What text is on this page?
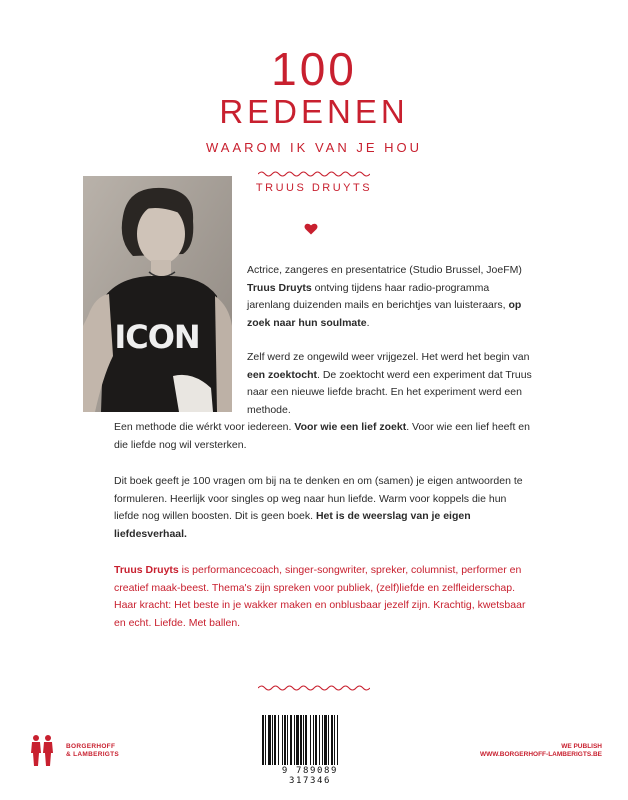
100
REDENEN
WAAROM IK VAN JE HOU
TRUUS DRUYTS
ICON
Actrice, zangeres en presentatrice (Studio Brussel, JoeFM) Truus Druyts ontving tijdens haar radio-programma jarenlang duizenden mails en berichtjes van luisteraars, op zoek naar hun soulmate.
Zelf werd ze ongewild weer vrijgezel. Het werd het begin van een zoektocht. De zoektocht werd een experiment dat Truus naar een nieuwe liefde bracht. En het experiment werd een methode.
Een methode die wérkt voor iedereen. Voor wie een lief zoekt. Voor wie een lief heeft en die liefde nog wil versterken.
Dit boek geeft je 100 vragen om bij na te denken en om (samen) je eigen antwoorden te formuleren. Heerlijk voor singles op weg naar hun liefde. Warm voor koppels die hun liefde nog willen boosten. Dit is geen boek. Het is de weerslag van je eigen liefdesverhaal.
Truus Druyts is performancecoach, singer-songwriter, spreker, columnist, performer en creatief maak-beest. Thema's zijn spreken voor publiek, (zelf)liefde en zelfleiderschap. Haar kracht: Het beste in je wakker maken en onblusbaar jezelf zijn. Krachtig, kwetsbaar en echt. Liefde. Met ballen.
BORGERHOFF
& LAMBERIGTS
9 789089 317346
WE PUBLISH
WWW.BORGERHOFF-LAMBERIGTS.BE
